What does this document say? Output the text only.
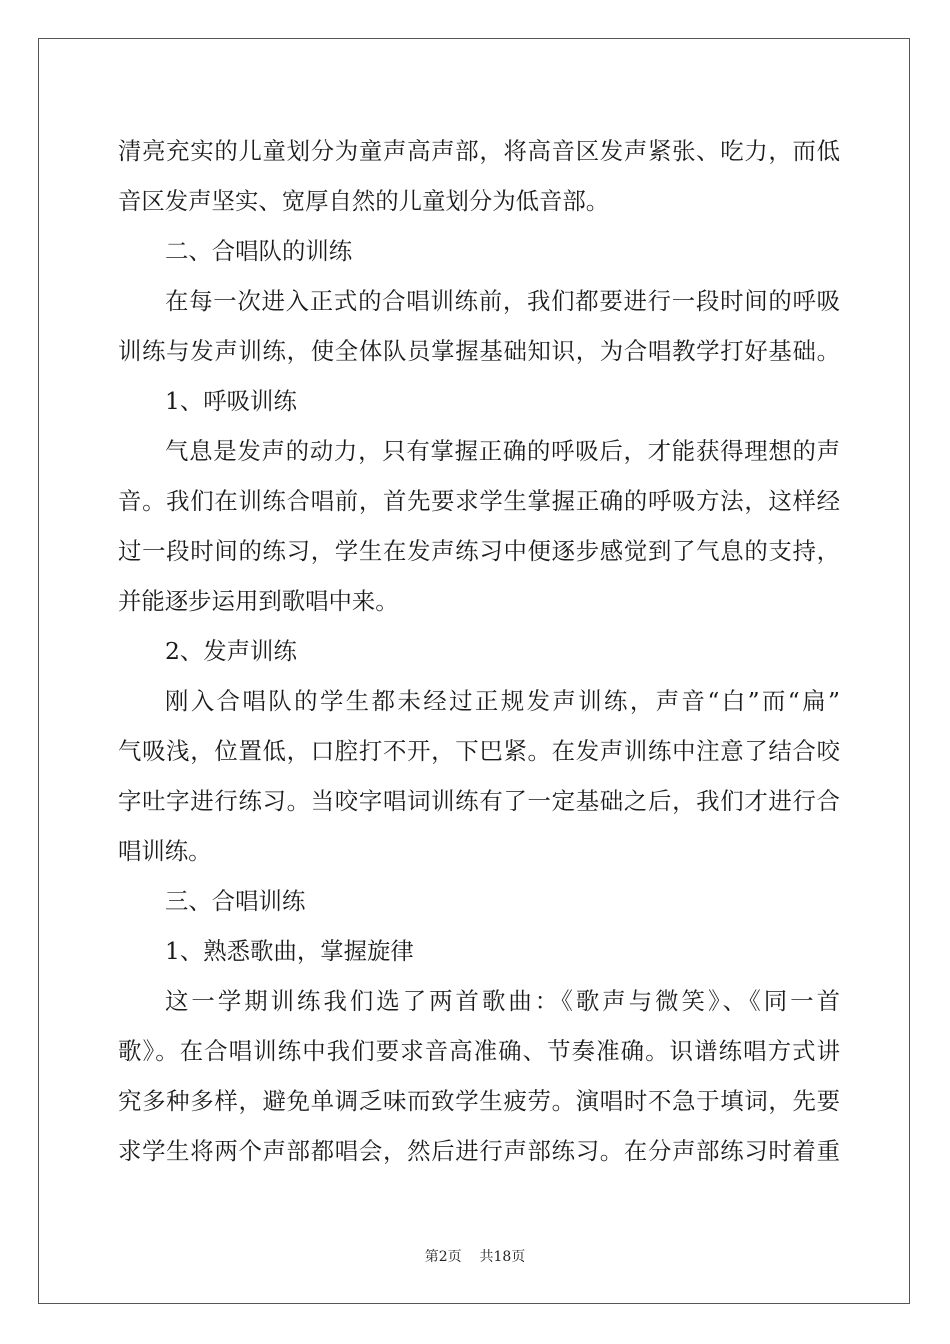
清亮充实的儿童划分为童声高声部，将高音区发声紧张、吃力，而低
音区发声坚实、宽厚自然的儿童划分为低音部。
二、合唱队的训练
在每一次进入正式的合唱训练前，我们都要进行一段时间的呼吸
训练与发声训练，使全体队员掌握基础知识，为合唱教学打好基础。
1、呼吸训练
气息是发声的动力，只有掌握正确的呼吸后，才能获得理想的声
音。我们在训练合唱前，首先要求学生掌握正确的呼吸方法，这样经
过一段时间的练习，学生在发声练习中便逐步感觉到了气息的支持，
并能逐步运用到歌唱中来。
2、发声训练
刚入合唱队的学生都未经过正规发声训练，声音“白”而“扁”
气吸浅，位置低，口腔打不开，下巴紧。在发声训练中注意了结合咬
字吐字进行练习。当咬字唱词训练有了一定基础之后，我们才进行合
唱训练。
三、合唱训练
1、熟悉歌曲，掌握旋律
这一学期训练我们选了两首歌曲：《歌声与微笑》、《同一首
歌》。在合唱训练中我们要求音高准确、节奏准确。识谱练唱方式讲
究多种多样，避免单调乏味而致学生疲劳。演唱时不急于填词，先要
求学生将两个声部都唱会，然后进行声部练习。在分声部练习时着重
第2页 共18页
